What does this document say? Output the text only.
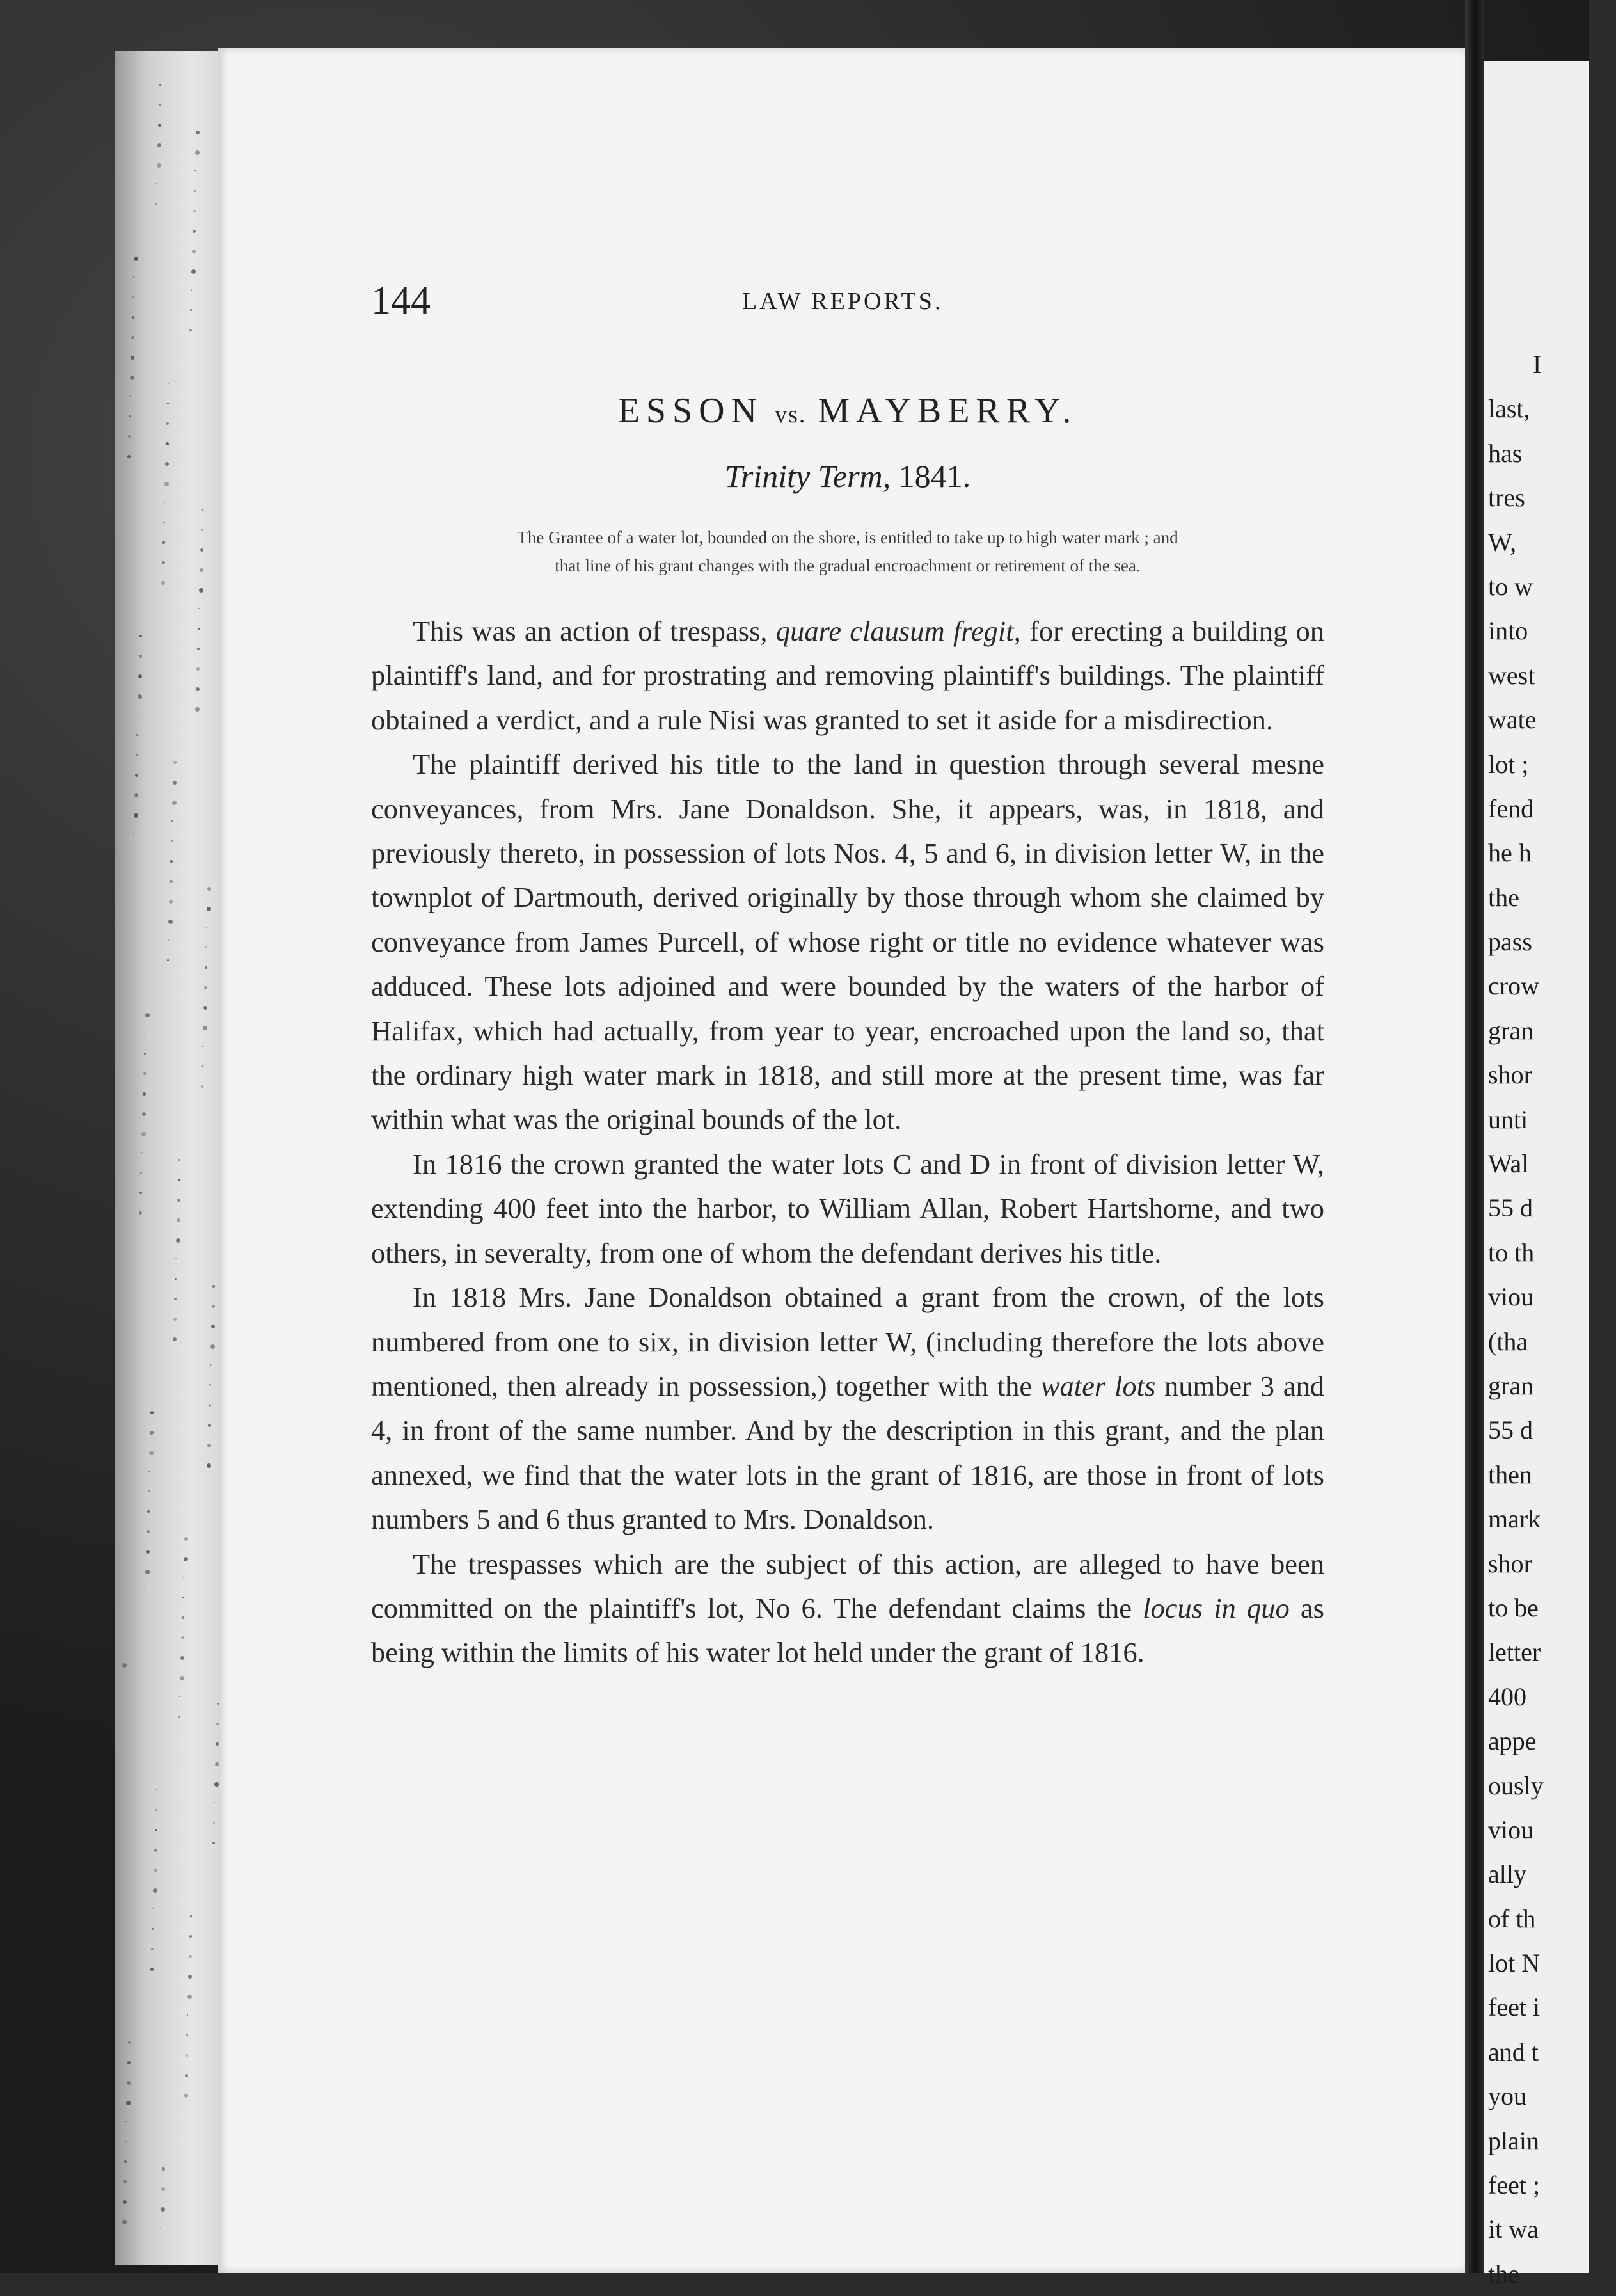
144	LAW REPORTS.
ESSON vs. MAYBERRY.
Trinity Term, 1841.
The Grantee of a water lot, bounded on the shore, is entitled to take up to high water mark ; and
that line of his grant changes with the gradual encroachment or retirement of the sea.

This was an action of trespass, quare clausum fregit, for erecting a building on plaintiff's land, and for prostrating and removing plaintiff's buildings. The plaintiff obtained a verdict, and a rule Nisi was granted to set it aside for a misdirection.

The plaintiff derived his title to the land in question through several mesne conveyances, from Mrs. Jane Donaldson. She, it appears, was, in 1818, and previously thereto, in possession of lots Nos. 4, 5 and 6, in division letter W, in the townplot of Dartmouth, derived originally by those through whom she claimed by conveyance from James Purcell, of whose right or title no evidence whatever was adduced. These lots adjoined and were bounded by the waters of the harbor of Halifax, which had actually, from year to year, encroached upon the land so, that the ordinary high water mark in 1818, and still more at the present time, was far within what was the original bounds of the lot.

In 1816 the crown granted the water lots C and D in front of division letter W, extending 400 feet into the harbor, to William Allan, Robert Hartshorne, and two others, in severalty, from one of whom the defendant derives his title.

In 1818 Mrs. Jane Donaldson obtained a grant from the crown, of the lots numbered from one to six, in division letter W, (including therefore the lots above mentioned, then already in possession,) together with the water lots number 3 and 4, in front of the same number. And by the description in this grant, and the plan annexed, we find that the water lots in the grant of 1816, are those in front of lots numbers 5 and 6 thus granted to Mrs. Donaldson.

The trespasses which are the subject of this action, are alleged to have been committed on the plaintiff's lot, No 6. The defendant claims the locus in quo as being within the limits of his water lot held under the grant of 1816.

I
last,
has
tres
W,
to w
into
west
wate
lot ;
fend
he h
the
pass
crow
gran
shor
unti
Wal
55 d
to th
viou
(tha
gran
55 d
then
mark
shor
to be
letter
400
appe
ously
viou
ally
of th
lot N
feet i
and t
you
plain
feet ;
it wa
the
